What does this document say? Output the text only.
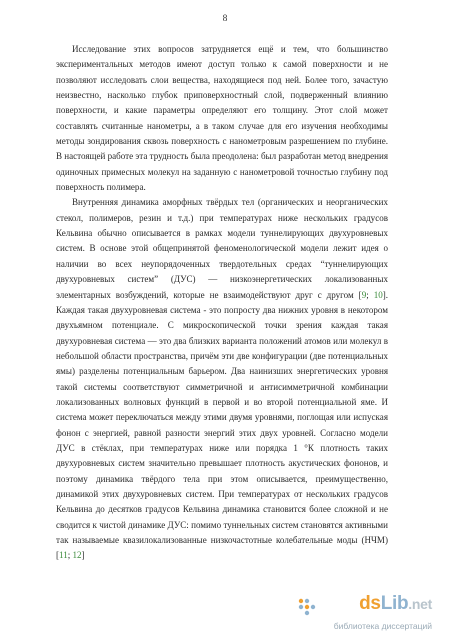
8

Исследование этих вопросов затрудняется ещё и тем, что большинство экспериментальных методов имеют доступ только к самой поверхности и не позволяют исследовать слои вещества, находящиеся под ней. Более того, зачастую неизвестно, насколько глубок приповерхностный слой, подверженный влиянию поверхности, и какие параметры определяют его толщину. Этот слой может составлять считанные нанометры, а в таком случае для его изучения необходимы методы зондирования сквозь поверхность с нанометровым разрешением по глубине. В настоящей работе эта трудность была преодолена: был разработан метод внедрения одиночных примесных молекул на заданную с нанометровой точностью глубину под поверхность полимера.

Внутренняя динамика аморфных твёрдых тел (органических и неорганических стекол, полимеров, резин и т.д.) при температурах ниже нескольких градусов Кельвина обычно описывается в рамках модели туннелирующих двухуровневых систем. В основе этой общепринятой феноменологической модели лежит идея о наличии во всех неупорядоченных твердотельных средах “туннелирующих двухуровневых систем” (ДУС) — низкоэнергетических локализованных элементарных возбуждений, которые не взаимодействуют друг с другом [9; 10]. Каждая такая двухуровневая система - это попросту два нижних уровня в некотором двухъямном потенциале. С микроскопической точки зрения каждая такая двухуровневая система — это два близких варианта положений атомов или молекул в небольшой области пространства, причём эти две конфигурации (две потенциальных ямы) разделены потенциальным барьером. Два наинизших энергетических уровня такой системы соответствуют симметричной и антисимметричной комбинации локализованных волновых функций в первой и во второй потенциальной яме. И система может переключаться между этими двумя уровнями, поглощая или испуская фонон с энергией, равной разности энергий этих двух уровней. Согласно модели ДУС в стёклах, при температурах ниже или порядка 1 °К плотность таких двухуровневых систем значительно превышает плотность акустических фононов, и поэтому динамика твёрдого тела при этом описывается, преимущественно, динамикой этих двухуровневых систем. При температурах от нескольких градусов Кельвина до десятков градусов Кельвина динамика становится более сложной и не сводится к чистой динамике ДУС: помимо туннельных систем становятся активными так называемые квазилокализованные низкочастотные колебательные моды (НЧМ) [11; 12]

dsLib.net
библиотека диссертаций
